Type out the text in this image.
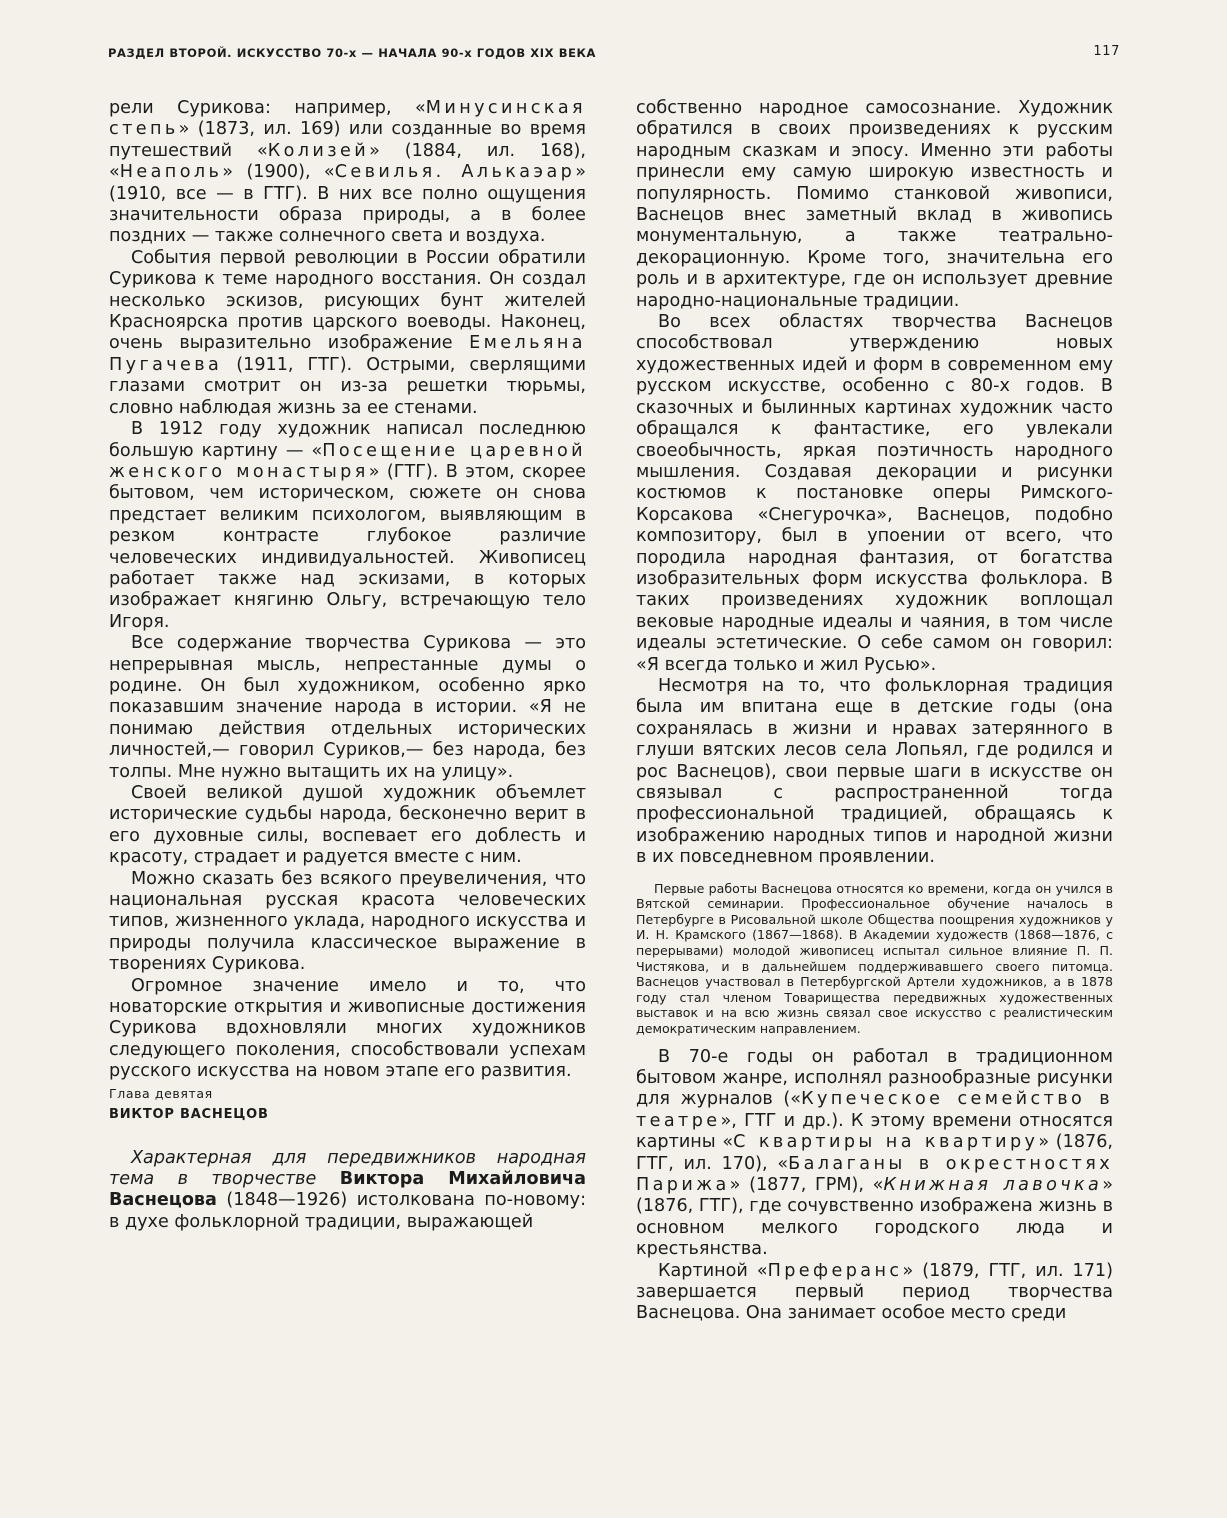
РАЗДЕЛ ВТОРОЙ. ИСКУССТВО 70-х — НАЧАЛА 90-х ГОДОВ XIX ВЕКА	117

рели Сурикова: например, «Минусинская степь» (1873, ил. 169) или созданные во время путешествий «Колизей» (1884, ил. 168), «Неаполь» (1900), «Севилья. Алькаэар» (1910, все — в ГТГ). В них все полно ощущения значительности образа природы, а в более поздних — также солнечного света и воздуха.

События первой революции в России обратили Сурикова к теме народного восстания. Он создал несколько эскизов, рисующих бунт жителей Красноярска против царского воеводы. Наконец, очень выразительно изображение Емельяна Пугачева (1911, ГТГ). Острыми, сверлящими глазами смотрит он из-за решетки тюрьмы, словно наблюдая жизнь за ее стенами.

В 1912 году художник написал последнюю большую картину — «Посещение царевной женского монастыря» (ГТГ). В этом, скорее бытовом, чем историческом, сюжете он снова предстает великим психологом, выявляющим в резком контрасте глубокое различие человеческих индивидуальностей. Живописец работает также над эскизами, в которых изображает княгиню Ольгу, встречающую тело Игоря.

Все содержание творчества Сурикова — это непрерывная мысль, непрестанные думы о родине. Он был художником, особенно ярко показавшим значение народа в истории. «Я не понимаю действия отдельных исторических личностей,— говорил Суриков,— без народа, без толпы. Мне нужно вытащить их на улицу».

Своей великой душой художник объемлет исторические судьбы народа, бесконечно верит в его духовные силы, воспевает его доблесть и красоту, страдает и радуется вместе с ним.

Можно сказать без всякого преувеличения, что национальная русская красота человеческих типов, жизненного уклада, народного искусства и природы получила классическое выражение в творениях Сурикова.

Огромное значение имело и то, что новаторские открытия и живописные достижения Сурикова вдохновляли многих художников следующего поколения, способствовали успехам русского искусства на новом этапе его развития.

Глава девятая

ВИКТОР ВАСНЕЦОВ

Характерная для передвижников народная тема в творчестве Виктора Михайловича Васнецова (1848—1926) истолкована по-новому: в духе фольклорной традиции, выражающей

собственно народное самосознание. Художник обратился в своих произведениях к русским народным сказкам и эпосу. Именно эти работы принесли ему самую широкую известность и популярность. Помимо станковой живописи, Васнецов внес заметный вклад в живопись монументальную, а также театрально-декорационную. Кроме того, значительна его роль и в архитектуре, где он использует древние народно-национальные традиции.

Во всех областях творчества Васнецов способствовал утверждению новых художественных идей и форм в современном ему русском искусстве, особенно с 80-х годов. В сказочных и былинных картинах художник часто обращался к фантастике, его увлекали своеобычность, яркая поэтичность народного мышления. Создавая декорации и рисунки костюмов к постановке оперы Римского-Корсакова «Снегурочка», Васнецов, подобно композитору, был в упоении от всего, что породила народная фантазия, от богатства изобразительных форм искусства фольклора. В таких произведениях художник воплощал вековые народные идеалы и чаяния, в том числе идеалы эстетические. О себе самом он говорил: «Я всегда только и жил Русью».

Несмотря на то, что фольклорная традиция была им впитана еще в детские годы (она сохранялась в жизни и нравах затерянного в глуши вятских лесов села Лопьял, где родился и рос Васнецов), свои первые шаги в искусстве он связывал с распространенной тогда профессиональной традицией, обращаясь к изображению народных типов и народной жизни в их повседневном проявлении.

Первые работы Васнецова относятся ко времени, когда он учился в Вятской семинарии. Профессиональное обучение началось в Петербурге в Рисовальной школе Общества поощрения художников у И. Н. Крамского (1867—1868). В Академии художеств (1868—1876, с перерывами) молодой живописец испытал сильное влияние П. П. Чистякова, и в дальнейшем поддерживавшего своего питомца. Васнецов участвовал в Петербургской Артели художников, а в 1878 году стал членом Товарищества передвижных художественных выставок и на всю жизнь связал свое искусство с реалистическим демократическим направлением.

В 70-е годы он работал в традиционном бытовом жанре, исполнял разнообразные рисунки для журналов («Купеческое семейство в театре», ГТГ и др.). К этому времени относятся картины «С квартиры на квартиру» (1876, ГТГ, ил. 170), «Балаганы в окрестностях Парижа» (1877, ГРМ), «Книжная лавочка» (1876, ГТГ), где сочувственно изображена жизнь в основном мелкого городского люда и крестьянства.

Картиной «Преферанс» (1879, ГТГ, ил. 171) завершается первый период творчества Васнецова. Она занимает особое место среди
